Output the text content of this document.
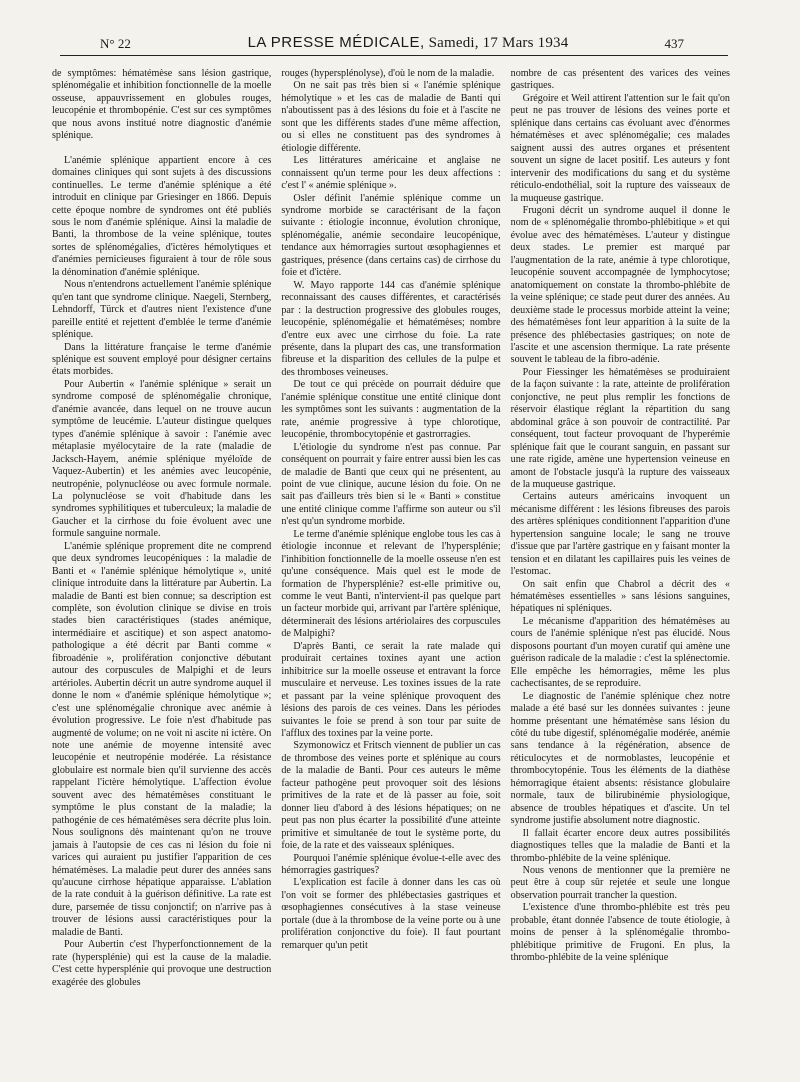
N° 22	LA PRESSE MÉDICALE, Samedi, 17 Mars 1934	437

de symptômes: hématémèse sans lésion gastrique, splénomégalie et inhibition fonctionnelle de la moelle osseuse, appauvrissement en globules rouges, leucopénie et thrombopénie. C'est sur ces symptômes que nous avons institué notre diagnostic d'anémie splénique.

L'anémie splénique appartient encore à ces domaines cliniques qui sont sujets à des discussions continuelles. Le terme d'anémie splénique a été introduit en clinique par Griesinger en 1866. Depuis cette époque nombre de syndromes ont été publiés sous le nom d'anémie splénique. Ainsi la maladie de Banti, la thrombose de la veine splénique, toutes sortes de splénomégalies, d'ictères hémolytiques et d'anémies pernicieuses figuraient à tour de rôle sous la dénomination d'anémie splénique.

Nous n'entendrons actuellement l'anémie splénique qu'en tant que syndrome clinique. Naegeli, Sternberg, Lehndorff, Türck et d'autres nient l'existence d'une pareille entité et rejettent d'emblée le terme d'anémie splénique.

Dans la littérature française le terme d'anémie splénique est souvent employé pour désigner certains états morbides.

Pour Aubertin « l'anémie splénique » serait un syndrome composé de splénomégalie chronique, d'anémie avancée, dans lequel on ne trouve aucun symptôme de leucémie. L'auteur distingue quelques types d'anémie splénique à savoir : l'anémie avec métaplasie myélocytaire de la rate (maladie de Jacksch-Hayem, anémie splénique myéloïde de Vaquez-Aubertin) et les anémies avec leucopénie, neutropénie, polynucléose ou avec formule normale. La polynucléose se voit d'habitude dans les syndromes syphilitiques et tuberculeux; la maladie de Gaucher et la cirrhose du foie évoluent avec une formule sanguine normale.

L'anémie splénique proprement dite ne comprend que deux syndromes leucopéniques : la maladie de Banti et « l'anémie splénique hémolytique », unité clinique introduite dans la littérature par Aubertin. La maladie de Banti est bien connue; sa description est complète, son évolution clinique se divise en trois stades bien caractéristiques (stades anémique, intermédiaire et ascitique) et son aspect anatomo-pathologique a été décrit par Banti comme « fibroadénie », prolifération conjonctive débutant autour des corpuscules de Malpighi et de leurs artérioles. Aubertin décrit un autre syndrome auquel il donne le nom « d'anémie splénique hémolytique »; c'est une splénomégalie chronique avec anémie à évolution progressive. Le foie n'est d'habitude pas augmenté de volume; on ne voit ni ascite ni ictère. On note une anémie de moyenne intensité avec leucopénie et neutropénie modérée. La résistance globulaire est normale bien qu'il survienne des accès rappelant l'ictère hémolytique. L'affection évolue souvent avec des hématémèses constituant le symptôme le plus constant de la maladie; la pathogénie de ces hématémèses sera décrite plus loin. Nous soulignons dès maintenant qu'on ne trouve jamais à l'autopsie de ces cas ni lésion du foie ni varices qui auraient pu justifier l'apparition de ces hématémèses. La maladie peut durer des années sans qu'aucune cirrhose hépatique apparaisse. L'ablation de la rate conduit à la guérison définitive. La rate est dure, parsemée de tissu conjonctif; on n'arrive pas à trouver de lésions aussi caractéristiques pour la maladie de Banti.

Pour Aubertin c'est l'hyperfonctionnement de la rate (hypersplénie) qui est la cause de la maladie. C'est cette hypersplénie qui provoque une destruction exagérée des globules

rouges (hypersplénolyse), d'où le nom de la maladie.

On ne sait pas très bien si « l'anémie splénique hémolytique » et les cas de maladie de Banti qui n'aboutissent pas à des lésions du foie et à l'ascite ne sont que les différents stades d'une même affection, ou si elles ne constituent pas des syndromes à étiologie différente.

Les littératures américaine et anglaise ne connaissent qu'un terme pour les deux affections : c'est l' « anémie splénique ».

Osler définit l'anémie splénique comme un syndrome morbide se caractérisant de la façon suivante : étiologie inconnue, évolution chronique, splénomégalie, anémie secondaire leucopénique, tendance aux hémorragies surtout œsophagiennes et gastriques, présence (dans certains cas) de cirrhose du foie et d'ictère.

W. Mayo rapporte 144 cas d'anémie splénique reconnaissant des causes différentes, et caractérisés par : la destruction progressive des globules rouges, leucopénie, splénomégalie et hématémèses; nombre d'entre eux avec une cirrhose du foie. La rate présente, dans la plupart des cas, une transformation fibreuse et la disparition des cellules de la pulpe et des thromboses veineuses.

De tout ce qui précède on pourrait déduire que l'anémie splénique constitue une entité clinique dont les symptômes sont les suivants : augmentation de la rate, anémie progressive à type chlorotique, leucopénie, thrombocytopénie et gastrorragies.

L'étiologie du syndrome n'est pas connue. Par conséquent on pourrait y faire entrer aussi bien les cas de maladie de Banti que ceux qui ne présentent, au point de vue clinique, aucune lésion du foie. On ne sait pas d'ailleurs très bien si le « Banti » constitue une entité clinique comme l'affirme son auteur ou s'il n'est qu'un syndrome morbide.

Le terme d'anémie splénique englobe tous les cas à étiologie inconnue et relevant de l'hypersplénie; l'inhibition fonctionnelle de la moelle osseuse n'en est qu'une conséquence. Mais quel est le mode de formation de l'hypersplénie? est-elle primitive ou, comme le veut Banti, n'intervient-il pas quelque part un facteur morbide qui, arrivant par l'artère splénique, déterminerait des lésions artériolaires des corpuscules de Malpighi?

D'après Banti, ce serait la rate malade qui produirait certaines toxines ayant une action inhibitrice sur la moelle osseuse et entravant la force musculaire et nerveuse. Les toxines issues de la rate et passant par la veine splénique provoquent des lésions des parois de ces veines. Dans les périodes suivantes le foie se prend à son tour par suite de l'afflux des toxines par la veine porte.

Szymonowicz et Fritsch viennent de publier un cas de thrombose des veines porte et splénique au cours de la maladie de Banti. Pour ces auteurs le même facteur pathogène peut provoquer soit des lésions primitives de la rate et de là passer au foie, soit donner lieu d'abord à des lésions hépatiques; on ne peut pas non plus écarter la possibilité d'une atteinte primitive et simultanée de tout le système porte, du foie, de la rate et des vaisseaux spléniques.

Pourquoi l'anémie splénique évolue-t-elle avec des hémorragies gastriques?

L'explication est facile à donner dans les cas où l'on voit se former des phlébectasies gastriques et œsophagiennes consécutives à la stase veineuse portale (due à la thrombose de la veine porte ou à une prolifération conjonctive du foie). Il faut pourtant remarquer qu'un petit

nombre de cas présentent des varices des veines gastriques.

Grégoire et Weil attirent l'attention sur le fait qu'on peut ne pas trouver de lésions des veines porte et splénique dans certains cas évoluant avec d'énormes hématémèses et avec splénomégalie; ces malades saignent aussi des autres organes et présentent souvent un signe de lacet positif. Les auteurs y font intervenir des modifications du sang et du système réticulo-endothélial, soit la rupture des vaisseaux de la muqueuse gastrique.

Frugoni décrit un syndrome auquel il donne le nom de « splénomégalie thrombo-phlébitique » et qui évolue avec des hématémèses. L'auteur y distingue deux stades. Le premier est marqué par l'augmentation de la rate, anémie à type chlorotique, leucopénie souvent accompagnée de lymphocytose; anatomiquement on constate la thrombo-phlébite de la veine splénique; ce stade peut durer des années. Au deuxième stade le processus morbide atteint la veine; des hématémèses font leur apparition à la suite de la présence des phlébectasies gastriques; on note de l'ascite et une ascension thermique. La rate présente souvent le tableau de la fibro-adénie.

Pour Fiessinger les hématémèses se produiraient de la façon suivante : la rate, atteinte de prolifération conjonctive, ne peut plus remplir les fonctions de réservoir élastique réglant la répartition du sang abdominal grâce à son pouvoir de contractilité. Par conséquent, tout facteur provoquant de l'hyperémie splénique fait que le courant sanguin, en passant sur une rate rigide, amène une hypertension veineuse en amont de l'obstacle jusqu'à la rupture des vaisseaux de la muqueuse gastrique.

Certains auteurs américains invoquent un mécanisme différent : les lésions fibreuses des parois des artères spléniques conditionnent l'apparition d'une hypertension sanguine locale; le sang ne trouve d'issue que par l'artère gastrique en y faisant monter la tension et en dilatant les capillaires puis les veines de l'estomac.

On sait enfin que Chabrol a décrit des « hématémèses essentielles » sans lésions sanguines, hépatiques ni spléniques.

Le mécanisme d'apparition des hématémèses au cours de l'anémie splénique n'est pas élucidé. Nous disposons pourtant d'un moyen curatif qui amène une guérison radicale de la maladie : c'est la splénectomie. Elle empêche les hémorragies, même les plus cachectisantes, de se reproduire.

Le diagnostic de l'anémie splénique chez notre malade a été basé sur les données suivantes : jeune homme présentant une hématémèse sans lésion du côté du tube digestif, splénomégalie modérée, anémie sans tendance à la régénération, absence de réticulocytes et de normoblastes, leucopénie et thrombocytopénie. Tous les éléments de la diathèse hémorragique étaient absents: résistance globulaire normale, taux de bilirubinémie physiologique, absence de troubles hépatiques et d'ascite. Un tel syndrome justifie absolument notre diagnostic.

Il fallait écarter encore deux autres possibilités diagnostiques telles que la maladie de Banti et la thrombo-phlébite de la veine splénique.

Nous venons de mentionner que la première ne peut être à coup sûr rejetée et seule une longue observation pourrait trancher la question.

L'existence d'une thrombo-phlébite est très peu probable, étant donnée l'absence de toute étiologie, à moins de penser à la splénomégalie thrombo-phlébitique primitive de Frugoni. En plus, la thrombo-phlébite de la veine splénique
